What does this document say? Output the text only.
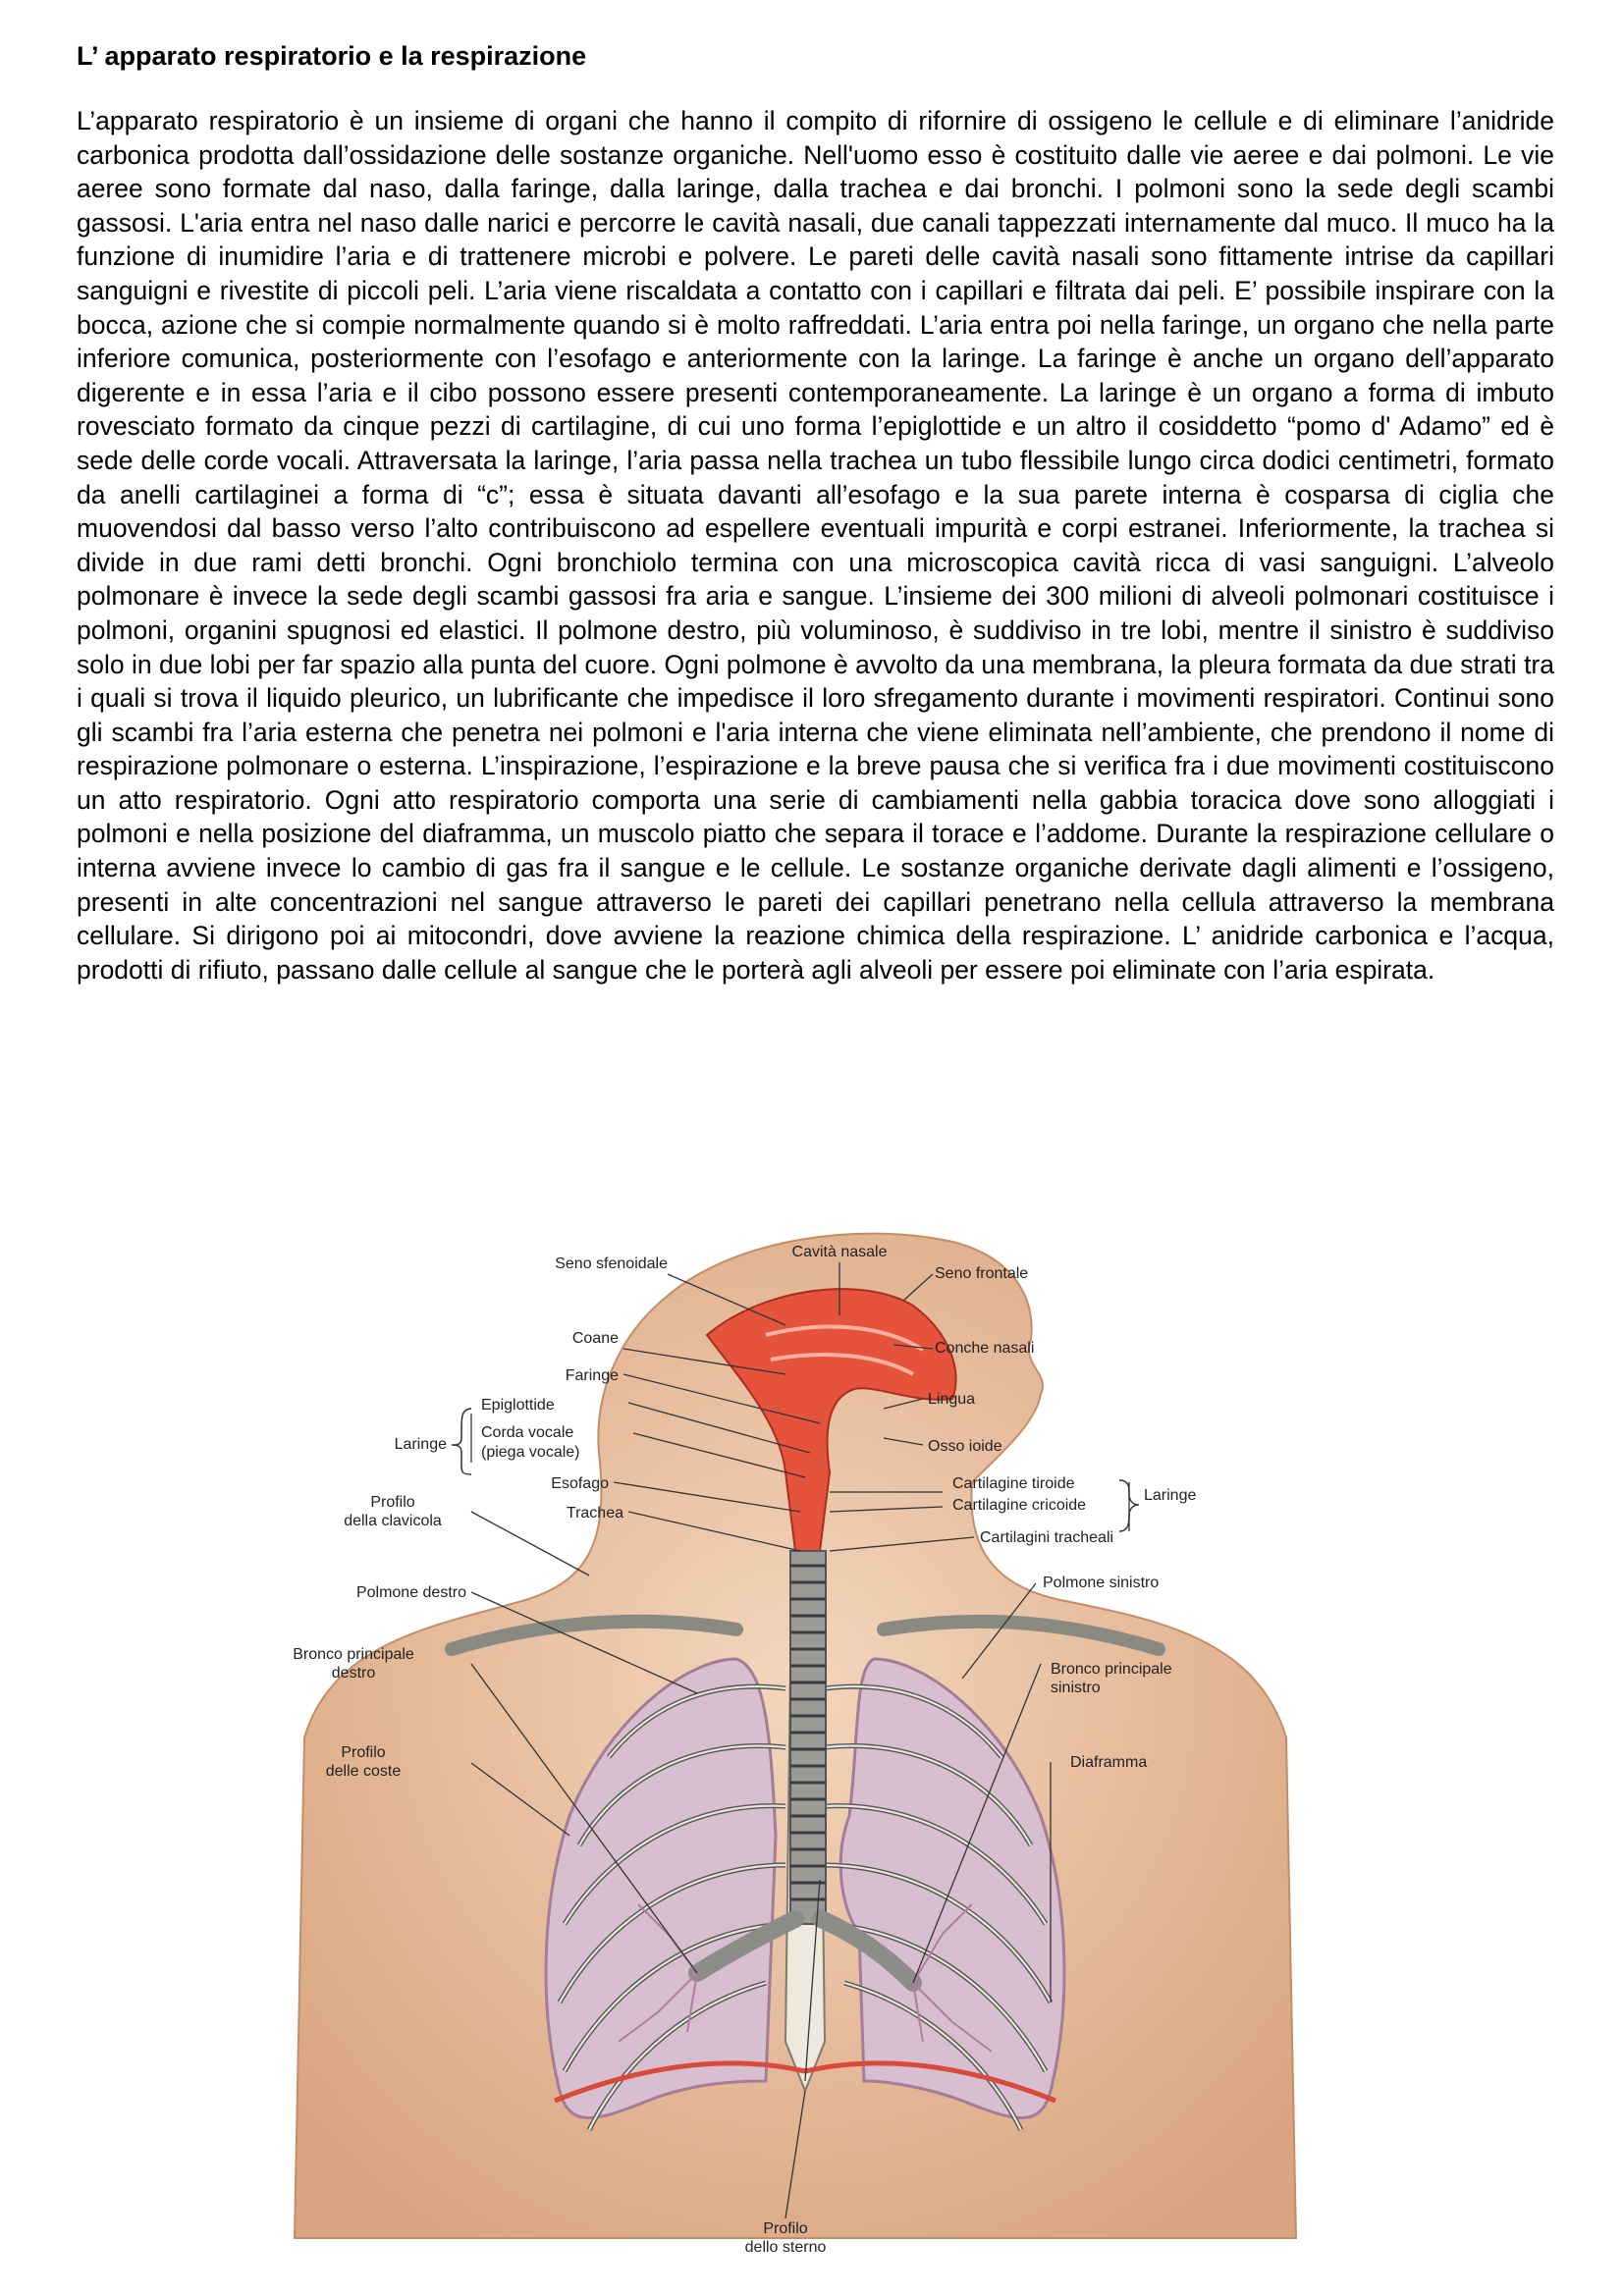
L’ apparato respiratorio e la respirazione

L’apparato respiratorio è un insieme di organi che hanno il compito di rifornire di ossigeno le cellule e di eliminare l’anidride carbonica prodotta dall’ossidazione delle sostanze organiche. Nell'uomo esso è costituito dalle vie aeree e dai polmoni. Le vie aeree sono formate dal naso, dalla faringe, dalla laringe, dalla trachea e dai bronchi. I polmoni sono la sede degli scambi gassosi. L'aria entra nel naso dalle narici e percorre le cavità nasali, due canali tappezzati internamente dal muco. Il muco ha la funzione di inumidire l’aria e di trattenere microbi e polvere. Le pareti delle cavità nasali sono fittamente intrise da capillari sanguigni e rivestite di piccoli peli. L’aria viene riscaldata a contatto con i capillari e filtrata dai peli. E’ possibile inspirare con la bocca, azione che si compie normalmente quando si è molto raffreddati. L’aria entra poi nella faringe, un organo che nella parte inferiore comunica, posteriormente con l’esofago e anteriormente con la laringe. La faringe è anche un organo dell’apparato digerente e in essa l’aria e il cibo possono essere presenti contemporaneamente. La laringe è un organo a forma di imbuto rovesciato formato da cinque pezzi di cartilagine, di cui uno forma l’epiglottide e un altro il cosiddetto “pomo d' Adamo” ed è sede delle corde vocali. Attraversata la laringe, l’aria passa nella trachea un tubo flessibile lungo circa dodici centimetri, formato da anelli cartilaginei a forma di “c”; essa è situata davanti all’esofago e la sua parete interna è cosparsa di ciglia che muovendosi dal basso verso l’alto contribuiscono ad espellere eventuali impurità e corpi estranei. Inferiormente, la trachea si divide in due rami detti bronchi. Ogni bronchiolo termina con una microscopica cavità ricca di vasi sanguigni. L’alveolo polmonare è invece la sede degli scambi gassosi fra aria e sangue. L’insieme dei 300 milioni di alveoli polmonari costituisce i polmoni, organini spugnosi ed elastici. Il polmone destro, più voluminoso, è suddiviso in tre lobi, mentre il sinistro è suddiviso solo in due lobi per far spazio alla punta del cuore. Ogni polmone è avvolto da una membrana, la pleura formata da due strati tra i quali si trova il liquido pleurico, un lubrificante che impedisce il loro sfregamento durante i movimenti respiratori. Continui sono gli scambi fra l’aria esterna che penetra nei polmoni e l'aria interna che viene eliminata nell’ambiente, che prendono il nome di respirazione polmonare o esterna. L’inspirazione, l’espirazione e la breve pausa che si verifica fra i due movimenti costituiscono un atto respiratorio. Ogni atto respiratorio comporta una serie di cambiamenti nella gabbia toracica dove sono alloggiati i polmoni e nella posizione del diaframma, un muscolo piatto che separa il torace e l’addome. Durante la respirazione cellulare o interna avviene invece lo cambio di gas fra il sangue e le cellule. Le sostanze organiche derivate dagli alimenti e l’ossigeno, presenti in alte concentrazioni nel sangue attraverso le pareti dei capillari penetrano nella cellula attraverso la membrana cellulare. Si dirigono poi ai mitocondri, dove avviene la reazione chimica della respirazione. L’ anidride carbonica e l’acqua, prodotti di rifiuto, passano dalle cellule al sangue che le porterà agli alveoli per essere poi eliminate con l’aria espirata.

Cavità nasale
Seno sfenoidale
Seno frontale
Coane
Conche nasali
Faringe
Lingua
Epiglottide
Laringe
Corda vocale
(piega vocale)	Osso ioide
Esofago	Cartilagine tiroide
Cartilagine cricoide
Laringe
Profilo
della clavicola	Trachea
Cartilagini tracheali
Polmone destro
Polmone sinistro
Bronco principale
destro	Bronco principale
sinistro
Profilo
delle coste
Diaframma
Profilo
dello sterno
